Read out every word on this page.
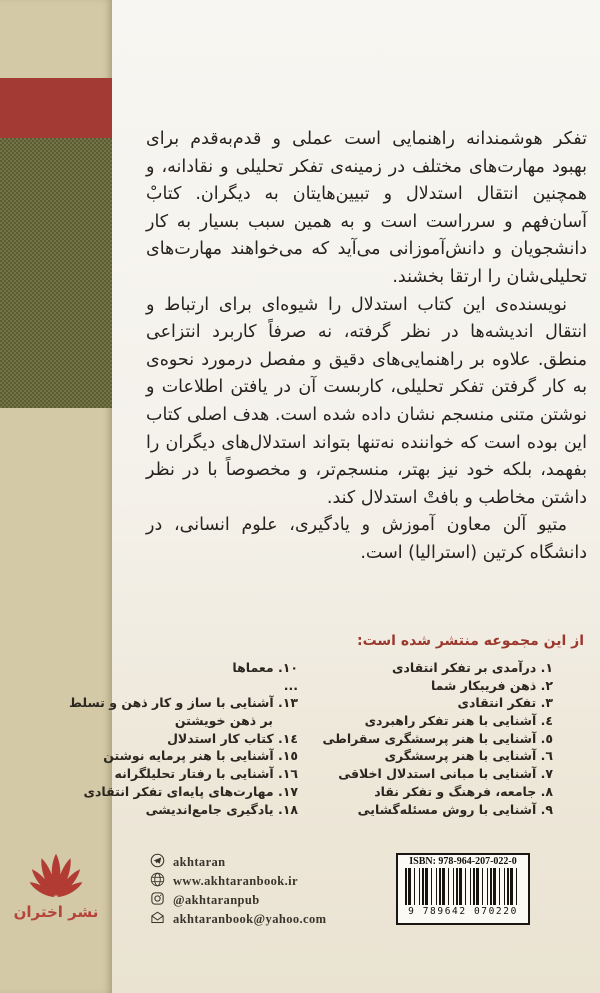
نشر اختران

تفکر هوشمندانه راهنمایی است عملی و قدم‌به‌قدم برای بهبود مهارت‌های مختلف در زمینه‌ی تفکر تحلیلی و نقادانه، و همچنین انتقال استدلال و تبیین‌هایتان به دیگران. کتابْ آسان‌فهم و سرراست است و به همین سبب بسیار به کار دانشجویان و دانش‌آموزانی می‌آید که می‌خواهند مهارت‌های تحلیلی‌شان را ارتقا بخشند.

نویسنده‌ی این کتاب استدلال را شیوه‌ای برای ارتباط و انتقال اندیشه‌ها در نظر گرفته، نه صرفاً کاربرد انتزاعی منطق. علاوه بر راهنمایی‌های دقیق و مفصل درمورد نحوه‌ی به کار گرفتن تفکر تحلیلی، کاربست آن در یافتن اطلاعات و نوشتن متنی منسجم نشان داده شده است. هدف اصلی کتاب این بوده است که خواننده نه‌تنها بتواند استدلال‌های دیگران را بفهمد، بلکه خود نیز بهتر، منسجم‌تر، و مخصوصاً با در نظر داشتن مخاطب و بافتْ استدلال کند.

متیو آلن معاون آموزش و یادگیری، علوم انسانی، در دانشگاه کرتین (استرالیا) است.

از این مجموعه منتشر شده است:
١. درآمدی بر تفکر انتقادی
٢. ذهن فریبکار شما
٣. تفکر انتقادی
٤. آشنایی با هنر تفکر راهبردی
٥. آشنایی با هنر پرسشگری سقراطی
٦. آشنایی با هنر پرسشگری
٧. آشنایی با مبانی استدلال اخلاقی
٨. جامعه، فرهنگ و تفکر نقاد
٩. آشنایی با روش مسئله‌گشایی
١٠. معماها
...
١٣. آشنایی با ساز و کار ذهن و تسلط
بر ذهن خویشتن
١٤. کتاب کار استدلال
١٥. آشنایی با هنر پرمایه نوشتن
١٦. آشنایی با رفتار تحلیلگرانه
١٧. مهارت‌های پایه‌ای تفکر انتقادی
١٨. یادگیری جامع‌اندیشی
akhtaran
www.akhtaranbook.ir
@akhtaranpub
akhtaranbook@yahoo.com
ISBN: 978-964-207-022-0
9 789642 070220
